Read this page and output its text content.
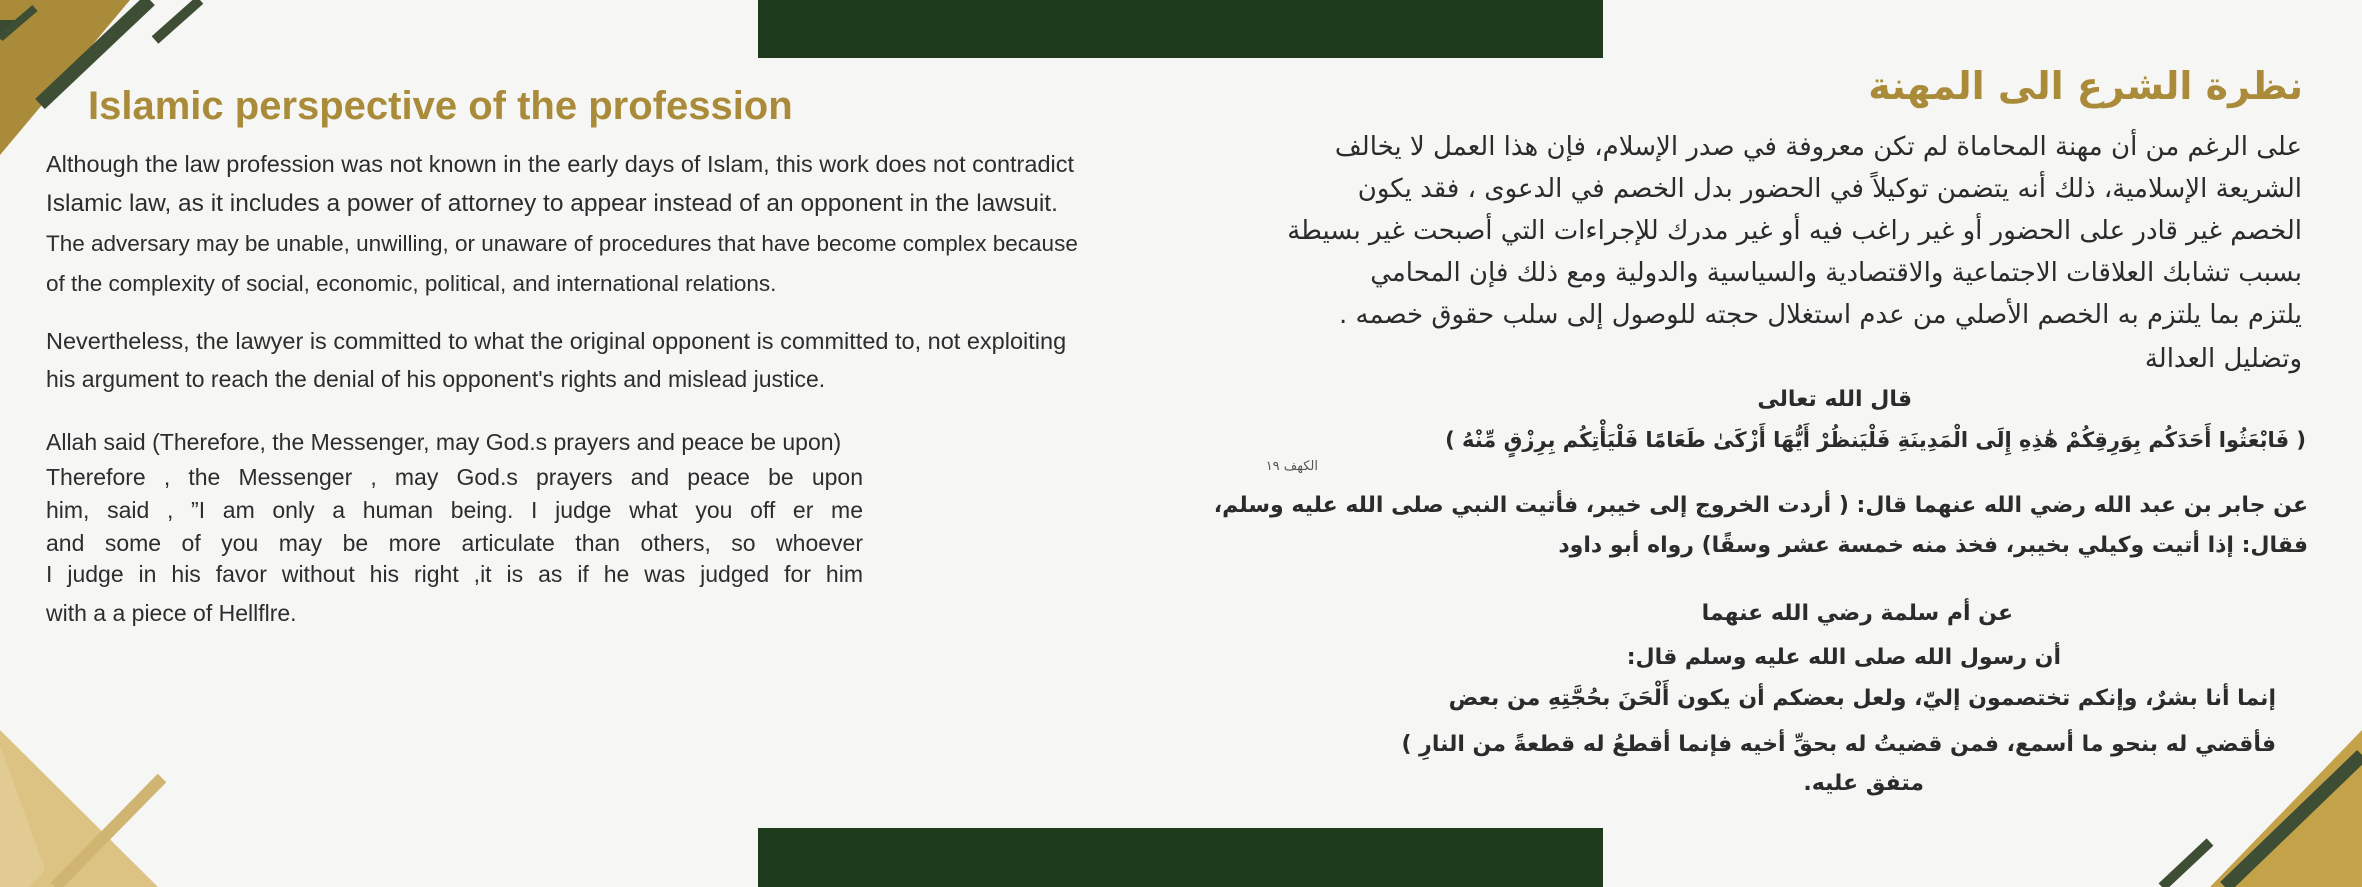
Islamic perspective of the profession
Although the law profession was not known in the early days of Islam, this work does not contradict
Islamic law, as it includes a power of attorney to appear instead of an opponent in the lawsuit.
The adversary may be unable, unwilling, or unaware of procedures that have become complex because
of the complexity of social, economic, political, and international relations.
Nevertheless, the lawyer is committed to what the original opponent is committed to, not exploiting
his argument to reach the denial of his opponent's rights and mislead justice.
Allah said (Therefore, the Messenger, may God.s prayers and peace be upon)
Therefore , the Messenger , may God.s prayers and peace be upon
him, said , ”I am only a human being. I judge what you off er me
and some of you may be more articulate than others, so whoever
I judge in his favor without his right ,it is as if he was judged for him
with a a piece of Hellflre.
نظرة الشرع الى المهنة
على الرغم من أن مهنة المحاماة لم تكن معروفة في صدر الإسلام، فإن هذا العمل لا يخالف
الشريعة الإسلامية، ذلك أنه يتضمن توكيلاً في الحضور بدل الخصم في الدعوى ، فقد يكون
الخصم غير قادر على الحضور أو غير راغب فيه أو غير مدرك للإجراءات التي أصبحت غير بسيطة
بسبب تشابك العلاقات الاجتماعية والاقتصادية والسياسية والدولية ومع ذلك فإن المحامي
يلتزم بما يلتزم به الخصم الأصلي من عدم استغلال حجته للوصول إلى سلب حقوق خصمه .
وتضليل العدالة
قال الله تعالى
( فَابْعَثُوا أَحَدَكُم بِوَرِقِكُمْ هَٰذِهِ إِلَى الْمَدِينَةِ فَلْيَنظُرْ أَيُّهَا أَزْكَىٰ طَعَامًا فَلْيَأْتِكُم بِرِزْقٍ مِّنْهُ )
الكهف ١٩
عن جابر بن عبد الله رضي الله عنهما قال: ( أردت الخروج إلى خيبر، فأتيت النبي صلى الله عليه وسلم،
فقال: إذا أتيت وكيلي بخيبر، فخذ منه خمسة عشر وسقًا) رواه أبو داود
عن أم سلمة رضي الله عنهما
أن رسول الله صلى الله عليه وسلم قال:
إنما أنا بشرٌ، وإنكم تختصمون إليّ، ولعل بعضكم أن يكون أَلْحَنَ بحُجَّتِهِ من بعض
فأقضي له بنحو ما أسمع، فمن قضيتُ له بحقِّ أخيه فإنما أقطعُ له قطعةً من النارِ )
متفق عليه.
